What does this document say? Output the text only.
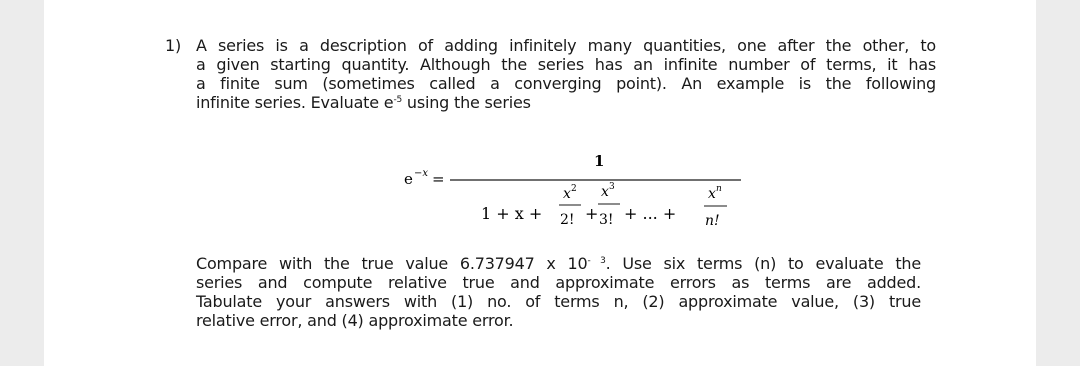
1) A series is a description of adding infinitely many quantities, one after the other, to
a given starting quantity. Although the series has an infinite number of terms, it has
a finite sum (sometimes called a converging point). An example is the following
infinite series. Evaluate $e^{-5}$ using the series
e −x =
1
1 + x +
x 2
2! +
x 3
3! + ... +
x n
n!
Compare with the true value 6.737947 x $10^{- 3}$. Use six terms (n) to evaluate the
series and compute relative true and approximate errors as terms are added.
Tabulate your answers with (1) no. of terms n, (2) approximate value, (3) true
relative error, and (4) approximate error.
